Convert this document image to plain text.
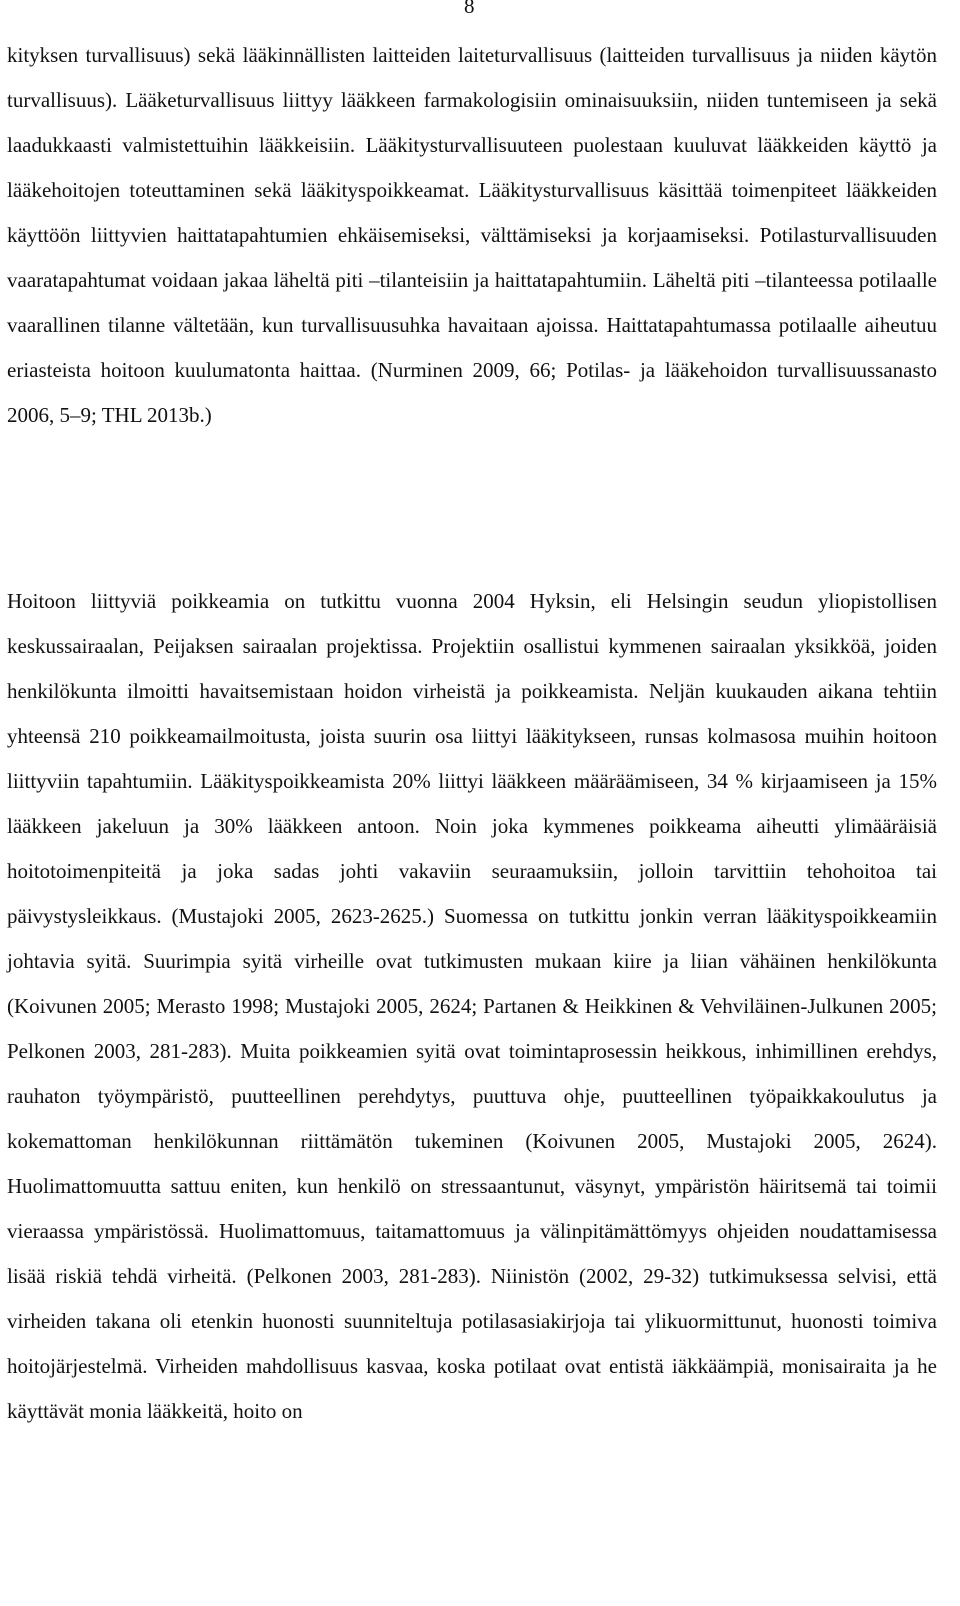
8

kityksen turvallisuus) sekä lääkinnällisten laitteiden laiteturvallisuus (laitteiden turvallisuus ja niiden käytön turvallisuus). Lääketurvallisuus liittyy lääkkeen farmakologisiin ominaisuuksiin, niiden tuntemiseen ja sekä laadukkaasti valmistettuihin lääkkeisiin. Lääkitysturvallisuuteen puolestaan kuuluvat lääkkeiden käyttö ja lääkehoitojen toteuttaminen sekä lääkityspoikkeamat. Lääkitysturvallisuus käsittää toimenpiteet lääkkeiden käyttöön liittyvien haittatapahtumien ehkäisemiseksi, välttämiseksi ja korjaamiseksi. Potilasturvallisuuden vaaratapahtumat voidaan jakaa läheltä piti –tilanteisiin ja haittatapahtumiin. Läheltä piti –tilanteessa potilaalle vaarallinen tilanne vältetään, kun turvallisuusuhka havaitaan ajoissa. Haittatapahtumassa potilaalle aiheutuu eriasteista hoitoon kuulumatonta haittaa. (Nurminen 2009, 66; Potilas- ja lääkehoidon turvallisuussanasto 2006, 5–9; THL 2013b.)

Hoitoon liittyviä poikkeamia on tutkittu vuonna 2004 Hyksin, eli Helsingin seudun yliopistollisen keskussairaalan, Peijaksen sairaalan projektissa. Projektiin osallistui kymmenen sairaalan yksikköä, joiden henkilökunta ilmoitti havaitsemistaan hoidon virheistä ja poikkeamista. Neljän kuukauden aikana tehtiin yhteensä 210 poikkeamailmoitusta, joista suurin osa liittyi lääkitykseen, runsas kolmasosa muihin hoitoon liittyviin tapahtumiin. Lääkityspoikkeamista 20% liittyi lääkkeen määräämiseen, 34 % kirjaamiseen ja 15% lääkkeen jakeluun ja 30% lääkkeen antoon. Noin joka kymmenes poikkeama aiheutti ylimääräisiä hoitotoimenpiteitä ja joka sadas johti vakaviin seuraamuksiin, jolloin tarvittiin tehohoitoa tai päivystysleikkaus. (Mustajoki 2005, 2623-2625.) Suomessa on tutkittu jonkin verran lääkityspoikkeamiin johtavia syitä. Suurimpia syitä virheille ovat tutkimusten mukaan kiire ja liian vähäinen henkilökunta (Koivunen 2005; Merasto 1998; Mustajoki 2005, 2624; Partanen & Heikkinen & Vehviläinen-Julkunen 2005; Pelkonen 2003, 281-283). Muita poikkeamien syitä ovat toimintaprosessin heikkous, inhimillinen erehdys, rauhaton työympäristö, puutteellinen perehdytys, puuttuva ohje, puutteellinen työpaikkakoulutus ja kokemattoman henkilökunnan riittämätön tukeminen (Koivunen 2005, Mustajoki 2005, 2624). Huolimattomuutta sattuu eniten, kun henkilö on stressaantunut, väsynyt, ympäristön häiritsemä tai toimii vieraassa ympäristössä. Huolimattomuus, taitamattomuus ja välinpitämättömyys ohjeiden noudattamisessa lisää riskiä tehdä virheitä. (Pelkonen 2003, 281-283). Niinistön (2002, 29-32) tutkimuksessa selvisi, että virheiden takana oli etenkin huonosti suunniteltuja potilasasiakirjoja tai ylikuormittunut, huonosti toimiva hoitojärjestelmä. Virheiden mahdollisuus kasvaa, koska potilaat ovat entistä iäkkäämpiä, monisairaita ja he käyttävät monia lääkkeitä, hoito on
